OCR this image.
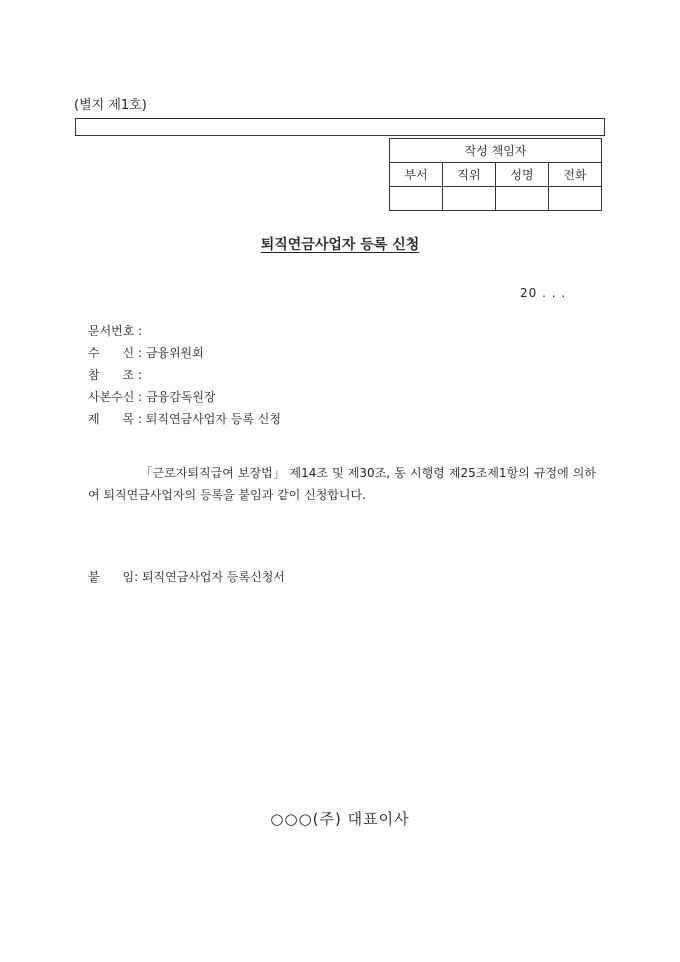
(별지 제1호)
작성 책임자			
부서	직위	성명	전화

퇴직연금사업자 등록 신청
20 . . .
문서번호 :
수      신 : 금융위원회
참      조 :
사본수신 : 금융감독원장
제      목 : 퇴직연금사업자 등록 신청
「근로자퇴직급여 보장법」 제14조 및 제30조, 동 시행령 제25조제1항의 규정에 의하여 퇴직연금사업자의 등록을 붙임과 같이 신청합니다.
붙      임: 퇴직연금사업자 등록신청서
○○○(주) 대표이사
